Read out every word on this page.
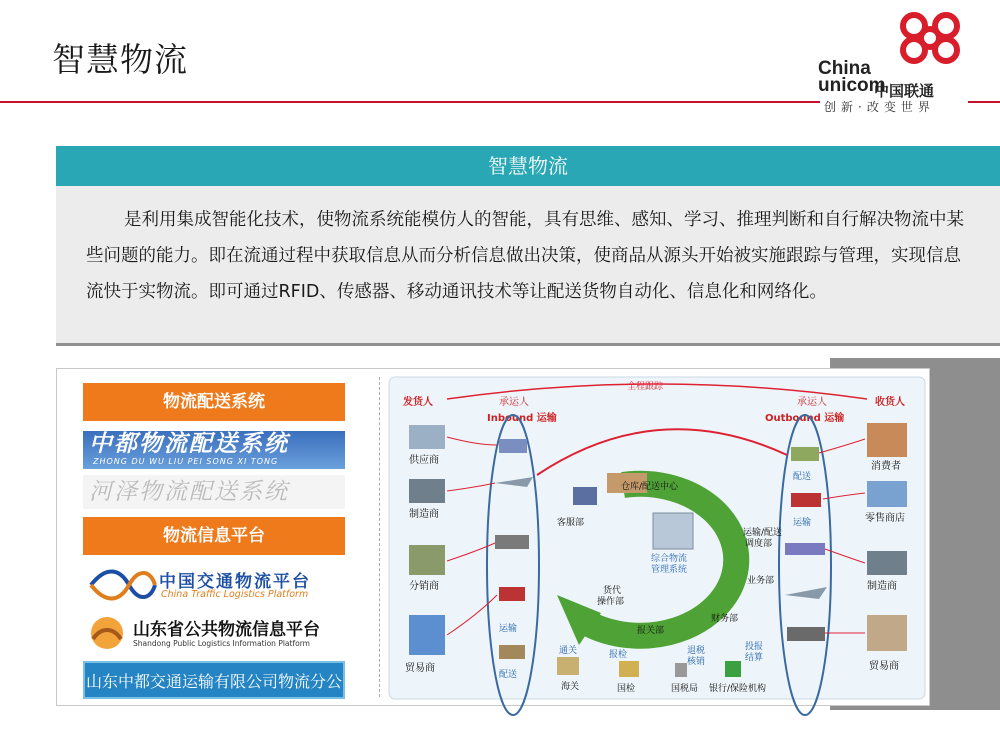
智慧物流	China
unicom
中国联通
创新·改变世界
智慧物流
是利用集成智能化技术，使物流系统能模仿人的智能，具有思维、感知、学习、推理判断和自行解决物流中某些问题的能力。即在流通过程中获取信息从而分析信息做出决策，使商品从源头开始被实施跟踪与管理，实现信息流快于实物流。即可通过RFID、传感器、移动通讯技术等让配送货物自动化、信息化和网络化。
物流配送系统
中都物流配送系统
ZHONG DU WU LIU PEI SONG XI TONG
河泽物流配送系统
物流信息平台
中国交通物流平台
China Traffic Logistics Platform
山东省公共物流信息平台
Shandong Public Logistics Information Platform
山东中都交通运输有限公司物流分公司
全程跟踪
发货人	承运人
Inbound 运输
承运人
Outbound 运输
收货人
供应商
制造商
分销商
贸易商
消费者
零售商店
制造商
贸易商
运输
配送
配送
运输
仓库/配送中心
客服部
运输/配送 调度部
综合物流 管理系统
货代 操作部
业务部
财务部
报关部
通关
海关
报检
国检
退税 核销
国税局
投报 结算
银行/保险机构
